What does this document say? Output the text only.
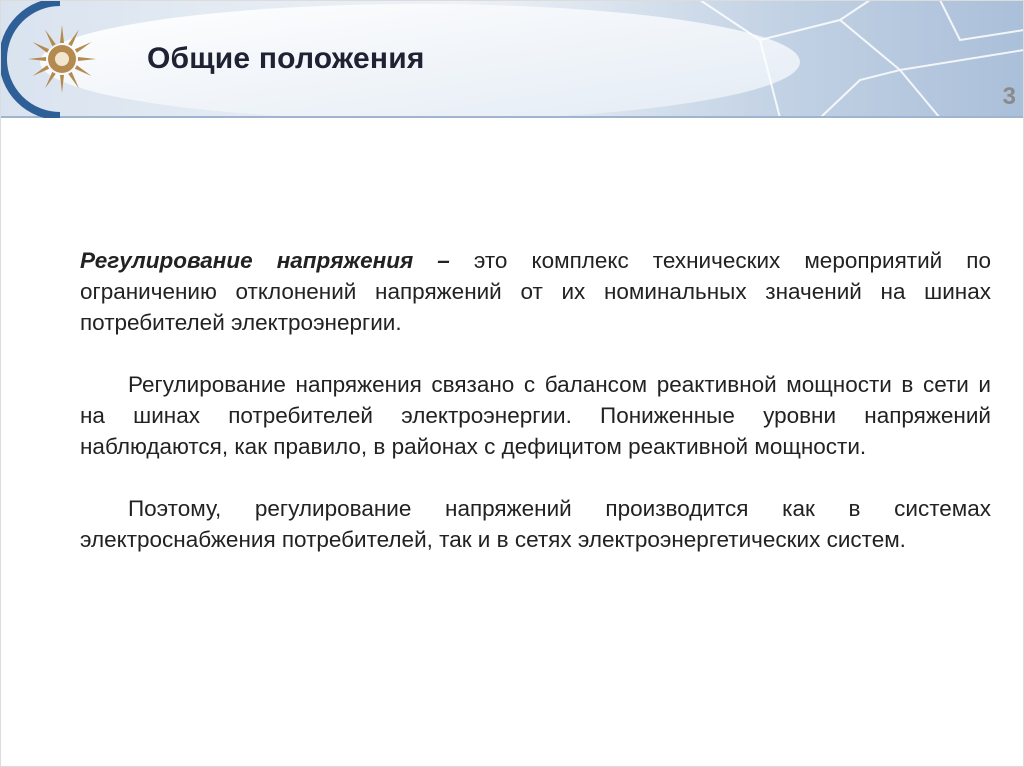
Общие положения
3

Регулирование напряжения – это комплекс технических мероприятий по ограничению отклонений напряжений от их номинальных значений на шинах потребителей электроэнергии.

Регулирование напряжения связано с балансом реактивной мощности в сети и на шинах потребителей электроэнергии. Пониженные уровни напряжений наблюдаются, как правило, в районах с дефицитом реактивной мощности.

Поэтому, регулирование напряжений производится как в системах электроснабжения потребителей, так и в сетях электроэнергетических систем.
